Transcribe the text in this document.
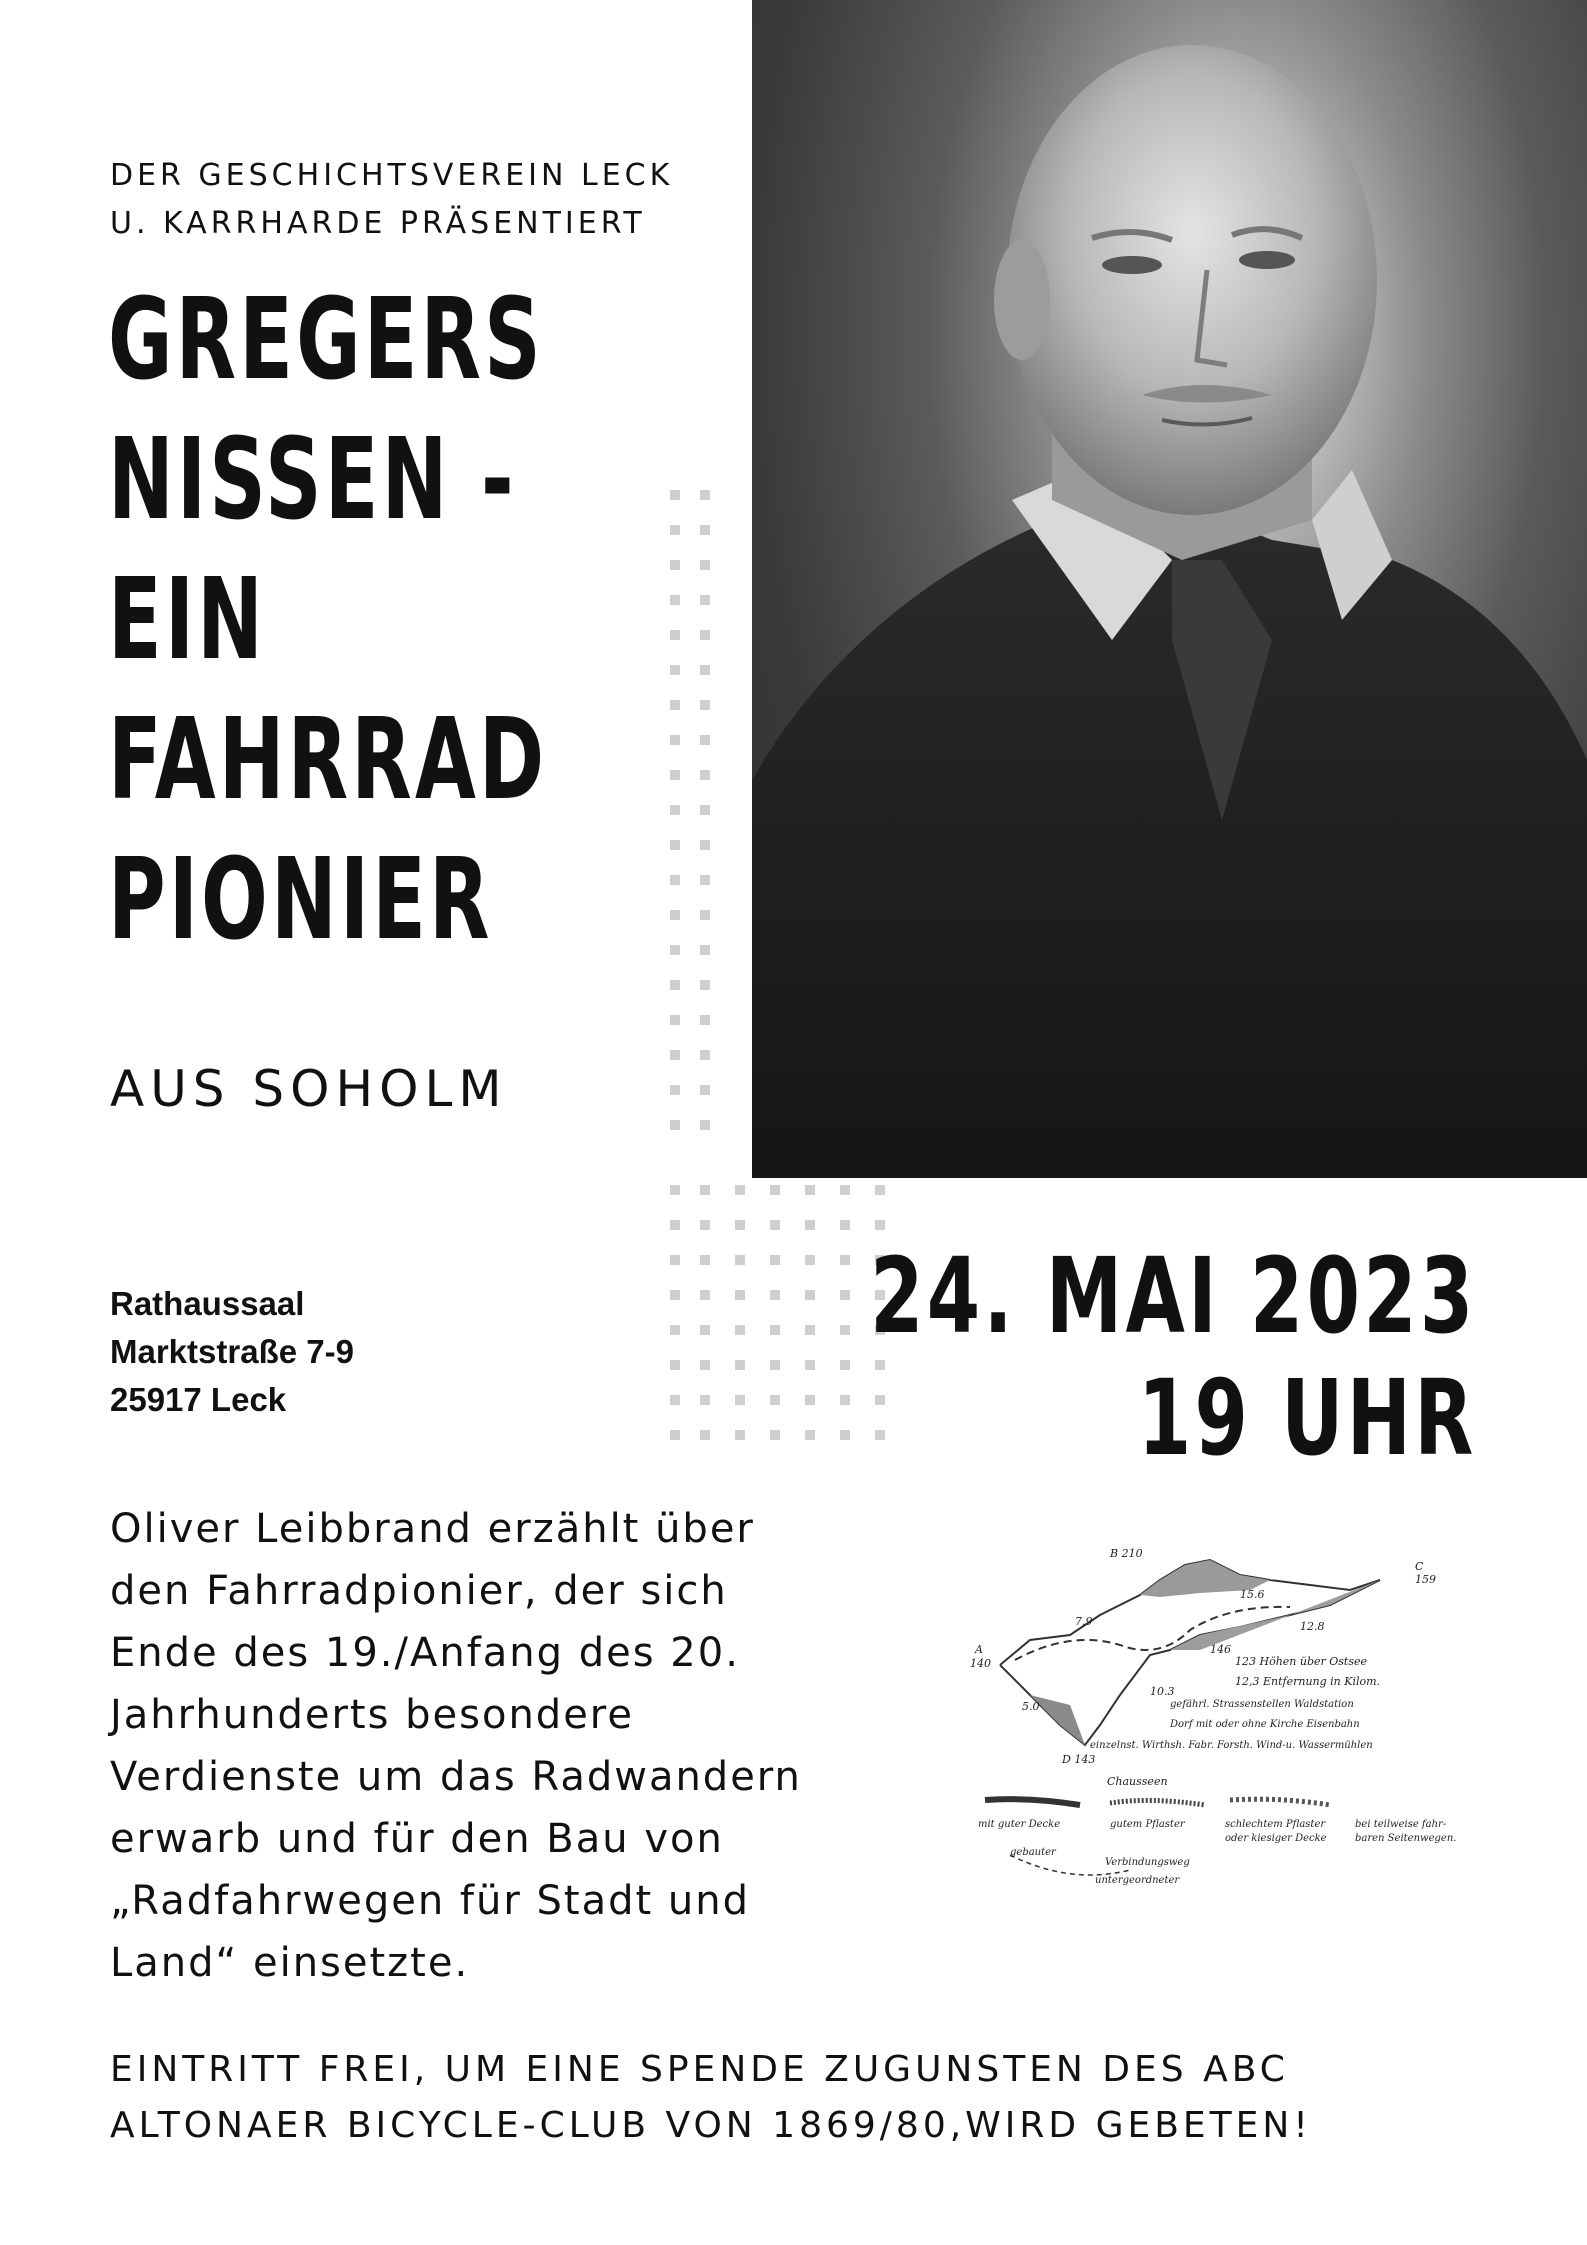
DER GESCHICHTSVEREIN LECK
U. KARRHARDE PRÄSENTIERT
GREGERS
NISSEN -
EIN
FAHRRAD
PIONIER
AUS SOHOLM
Rathaussaal
Marktstraße 7-9
25917 Leck
24. MAI 2023
19 UHR
Oliver Leibbrand erzählt über
den Fahrradpionier, der sich
Ende des 19./Anfang des 20.
Jahrhunderts besondere
Verdienste um das Radwandern
erwarb und für den Bau von
„Radfahrwegen für Stadt und
Land“ einsetzte.
A
140
B 210
C
159
D 143
146
7.9
15.6
12.8
5.0
10.3
123 Höhen über Ostsee
12,3 Entfernung in Kilom.
gefährl. Strassenstellen Waldstation
Dorf mit oder ohne Kirche Eisenbahn
einzelnst. Wirthsh. Fabr. Forsth. Wind-u. Wassermühlen
Chausseen
mit guter Decke	gutem Pflaster	schlechtem Pflaster
oder kiesiger Decke
bei teilweise fahr-
baren Seitenwegen.
gebauter
Verbindungsweg
untergeordneter
EINTRITT FREI, UM EINE SPENDE ZUGUNSTEN DES ABC
ALTONAER BICYCLE-CLUB VON 1869/80,WIRD GEBETEN!
